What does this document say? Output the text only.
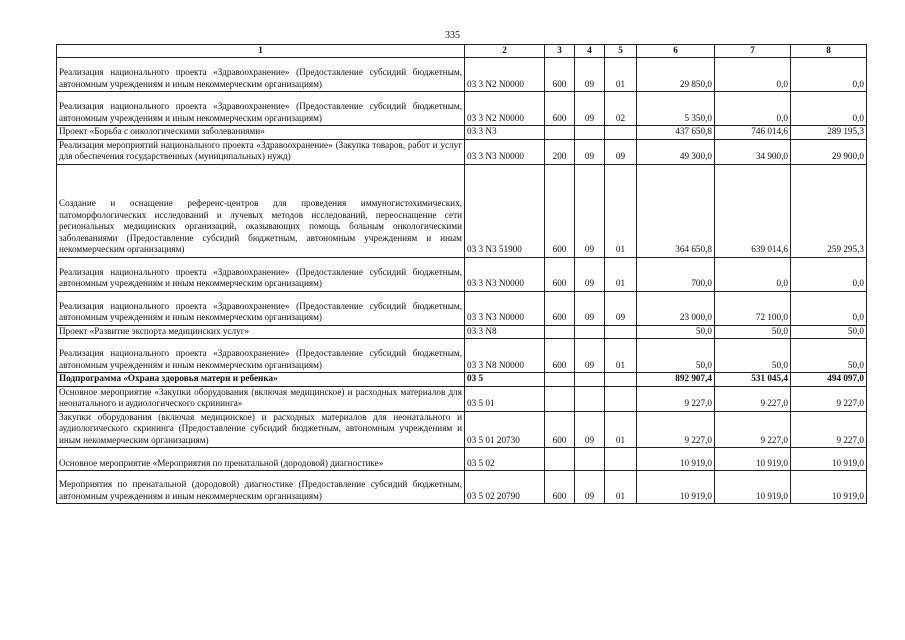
335
1	2	3	4	5	6	7	8
Реализация национального проекта «Здравоохранение» (Предоставление субсидий бюджетным, автономным учреждениям и иным некоммерческим организациям)	03 3 N2 N0000	600	09	01	29 850,0	0,0	0,0
Реализация национального проекта «Здравоохранение» (Предоставление субсидий бюджетным, автономным учреждениям и иным некоммерческим организациям)	03 3 N2 N0000	600	09	02	5 350,0	0,0	0,0
Проект «Борьба с онкологическими заболеваниями»	03 3 N3				437 650,8	746 014,6	289 195,3
Реализация мероприятий национального проекта «Здравоохранение» (Закупка товаров, работ и услуг для обеспечения государственных (муниципальных) нужд)	03 3 N3 N0000	200	09	09	49 300,0	34 900,0	29 900,0
Создание и оснащение референс-центров для проведения иммуногистохимических, патоморфологических исследований и лучевых методов исследований, переоснащение сети региональных медицинских организаций, оказывающих помощь больным онкологическими заболеваниями (Предоставление субсидий бюджетным, автономным учреждениям и иным некоммерческим организациям)	03 3 N3 51900	600	09	01	364 650,8	639 014,6	259 295,3
Реализация национального проекта «Здравоохранение» (Предоставление субсидий бюджетным, автономным учреждениям и иным некоммерческим организациям)	03 3 N3 N0000	600	09	01	700,0	0,0	0,0
Реализация национального проекта «Здравоохранение» (Предоставление субсидий бюджетным, автономным учреждениям и иным некоммерческим организациям)	03 3 N3 N0000	600	09	09	23 000,0	72 100,0	0,0
Проект «Развитие экспорта медицинских услуг»	03 3 N8				50,0	50,0	50,0
Реализация национального проекта «Здравоохранение» (Предоставление субсидий бюджетным, автономным учреждениям и иным некоммерческим организациям)	03 3 N8 N0000	600	09	01	50,0	50,0	50,0
Подпрограмма «Охрана здоровья матери и ребенка»	03 5				892 907,4	531 045,4	494 097,0
Основное мероприятие «Закупки оборудования (включая медицинское) и расходных материалов для неонатального и аудиологического скрининга»	03 5 01				9 227,0	9 227,0	9 227,0
Закупки оборудования (включая медицинское) и расходных материалов для неонатального и аудиологического скрининга (Предоставление субсидий бюджетным, автономным учреждениям и иным некоммерческим организациям)	03 5 01 20730	600	09	01	9 227,0	9 227,0	9 227,0
Основное мероприятие «Мероприятия по пренатальной (дородовой) диагностике»	03 5 02				10 919,0	10 919,0	10 919,0
Мероприятия по пренатальной (дородовой) диагностике (Предоставление субсидий бюджетным, автономным учреждениям и иным некоммерческим организациям)	03 5 02 20790	600	09	01	10 919,0	10 919,0	10 919,0
